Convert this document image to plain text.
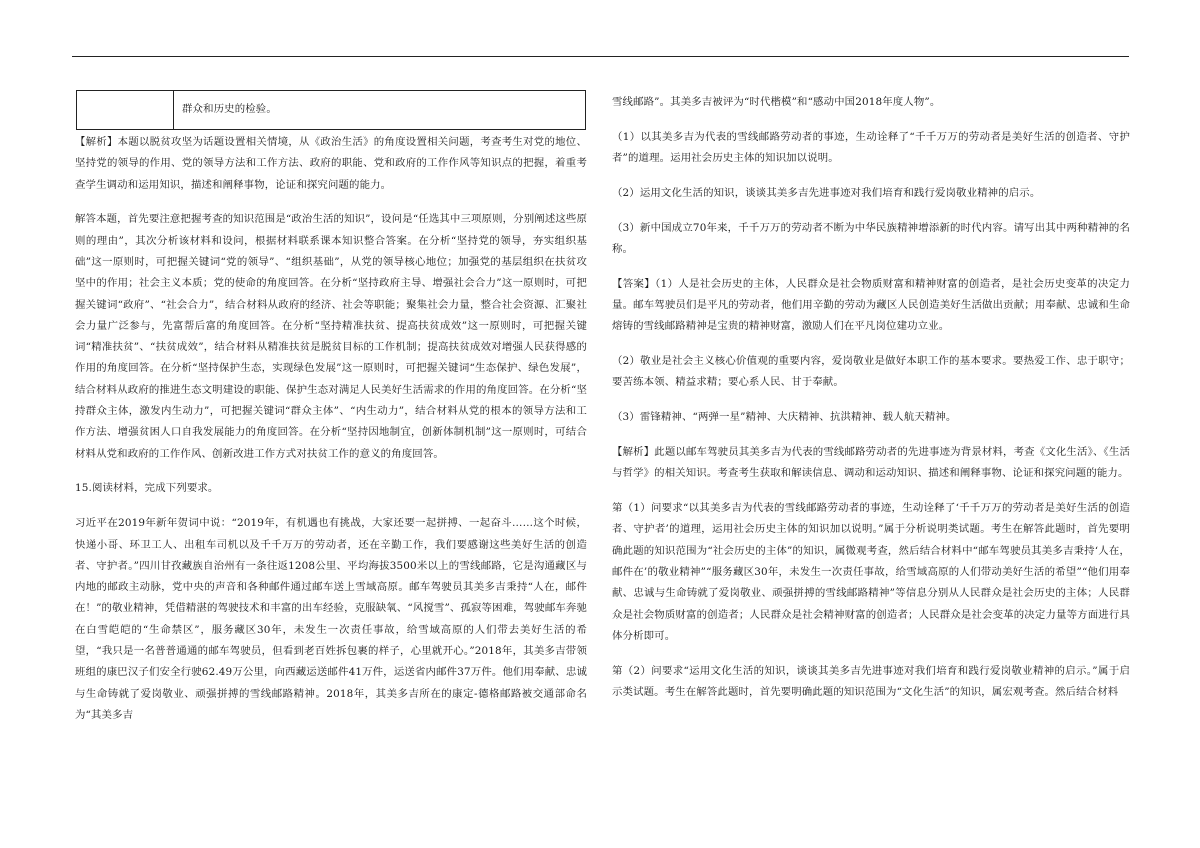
	群众和历史的检验。

【解析】本题以脱贫攻坚为话题设置相关情境，从《政治生活》的角度设置相关问题，考查考生对党的地位、坚持党的领导的作用、党的领导方法和工作方法、政府的职能、党和政府的工作作风等知识点的把握，着重考查学生调动和运用知识，描述和阐释事物，论证和探究问题的能力。

解答本题，首先要注意把握考查的知识范围是“政治生活的知识”，设问是“任选其中三项原则，分别阐述这些原则的理由”，其次分析该材料和设问，根据材料联系课本知识整合答案。在分析“坚持党的领导，夯实组织基础”这一原则时，可把握关键词“党的领导”、“组织基础”，从党的领导核心地位；加强党的基层组织在扶贫攻坚中的作用；社会主义本质；党的使命的角度回答。在分析“坚持政府主导、增强社会合力”这一原则时，可把握关键词“政府”、“社会合力”，结合材料从政府的经济、社会等职能；聚集社会力量，整合社会资源、汇聚社会力量广泛参与，先富帮后富的角度回答。在分析“坚持精准扶贫、提高扶贫成效”这一原则时，可把握关键词“精准扶贫”、“扶贫成效”，结合材料从精准扶贫是脱贫目标的工作机制；提高扶贫成效对增强人民获得感的作用的角度回答。在分析“坚持保护生态，实现绿色发展”这一原则时，可把握关键词“生态保护、绿色发展”，结合材料从政府的推进生态文明建设的职能、保护生态对满足人民美好生活需求的作用的角度回答。在分析“坚持群众主体，激发内生动力”，可把握关键词“群众主体”、“内生动力”，结合材料从党的根本的领导方法和工作方法、增强贫困人口自我发展能力的角度回答。在分析“坚持因地制宜，创新体制机制”这一原则时，可结合材料从党和政府的工作作风、创新改进工作方式对扶贫工作的意义的角度回答。

15.阅读材料，完成下列要求。

习近平在2019年新年贺词中说：“2019年，有机遇也有挑战，大家还要一起拼搏、一起奋斗……这个时候，快递小哥、环卫工人、出租车司机以及千千万万的劳动者，还在辛勤工作，我们要感谢这些美好生活的创造者、守护者。”四川甘孜藏族自治州有一条往返1208公里、平均海拔3500米以上的雪线邮路，它是沟通藏区与内地的邮政主动脉，党中央的声音和各种邮件通过邮车送上雪域高原。邮车驾驶员其美多吉秉持“人在，邮件在！”的敬业精神，凭借精湛的驾驶技术和丰富的出车经验，克服缺氧、“风搅雪”、孤寂等困难，驾驶邮车奔驰在白雪皑皑的“生命禁区”，服务藏区30年，未发生一次责任事故，给雪域高原的人们带去美好生活的希望，“我只是一名普普通通的邮车驾驶员，但看到老百姓拆包裹的样子，心里就开心。”2018年，其美多吉带领班组的康巴汉子们安全行驶62.49万公里，向西藏运送邮件41万件，运送省内邮件37万件。他们用奉献、忠诚与生命铸就了爱岗敬业、顽强拼搏的雪线邮路精神。2018年，其美多吉所在的康定-德格邮路被交通部命名为“其美多吉

雪线邮路”。其美多吉被评为“时代楷模”和“感动中国2018年度人物”。

（1）以其美多吉为代表的雪线邮路劳动者的事迹，生动诠释了“千千万万的劳动者是美好生活的创造者、守护者”的道理。运用社会历史主体的知识加以说明。

（2）运用文化生活的知识，谈谈其美多吉先进事迹对我们培育和践行爱岗敬业精神的启示。

（3）新中国成立70年来，千千万万的劳动者不断为中华民族精神增添新的时代内容。请写出其中两种精神的名称。

【答案】（1）人是社会历史的主体，人民群众是社会物质财富和精神财富的创造者，是社会历史变革的决定力量。邮车驾驶员们是平凡的劳动者，他们用辛勤的劳动为藏区人民创造美好生活做出贡献；用奉献、忠诚和生命熔铸的雪线邮路精神是宝贵的精神财富，激励人们在平凡岗位建功立业。

（2）敬业是社会主义核心价值观的重要内容，爱岗敬业是做好本职工作的基本要求。要热爱工作、忠于职守；要苦练本领、精益求精；要心系人民、甘于奉献。

（3）雷锋精神、“两弹一星”精神、大庆精神、抗洪精神、载人航天精神。

【解析】此题以邮车驾驶员其美多吉为代表的雪线邮路劳动者的先进事迹为背景材料，考查《文化生活》、《生活与哲学》的相关知识。考查考生获取和解读信息、调动和运动知识、描述和阐释事物、论证和探究问题的能力。

第（1）问要求“以其美多吉为代表的雪线邮路劳动者的事迹，生动诠释了‘千千万万的劳动者是美好生活的创造者、守护者’的道理，运用社会历史主体的知识加以说明。”属于分析说明类试题。考生在解答此题时，首先要明确此题的知识范围为“社会历史的主体”的知识，属微观考查，然后结合材料中“邮车驾驶员其美多吉秉持‘人在，邮件在’的敬业精神”“服务藏区30年，未发生一次责任事故，给雪域高原的人们带动美好生活的希望”“他们用奉献、忠诚与生命铸就了爱岗敬业、顽强拼搏的雪线邮路精神”等信息分别从人民群众是社会历史的主体；人民群众是社会物质财富的创造者；人民群众是社会精神财富的创造者；人民群众是社会变革的决定力量等方面进行具体分析即可。

第（2）问要求“运用文化生活的知识，谈谈其美多吉先进事迹对我们培育和践行爱岗敬业精神的启示。”属于启示类试题。考生在解答此题时，首先要明确此题的知识范围为“文化生活”的知识，属宏观考查。然后结合材料
